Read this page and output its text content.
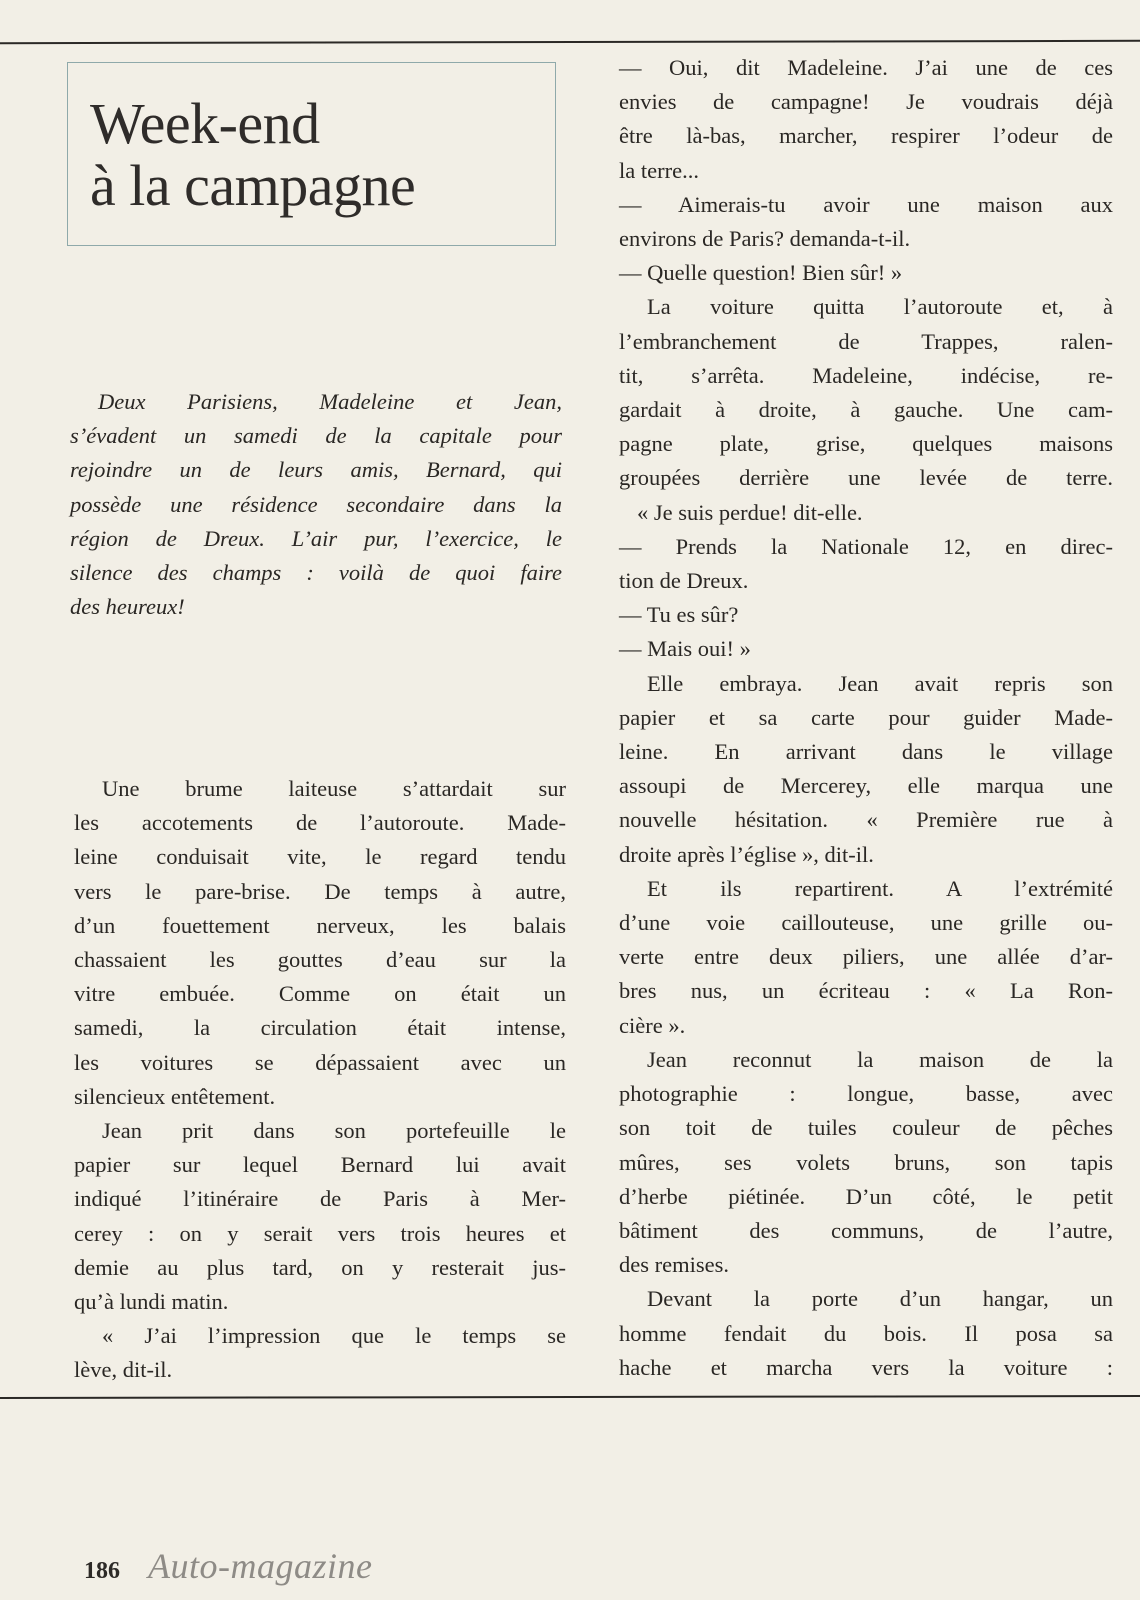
Week-end
à la campagne
Deux Parisiens, Madeleine et Jean,
s’évadent un samedi de la capitale pour
rejoindre un de leurs amis, Bernard, qui
possède une résidence secondaire dans la
région de Dreux. L’air pur, l’exercice, le
silence des champs : voilà de quoi faire
des heureux!
Une brume laiteuse s’attardait sur
les accotements de l’autoroute. Made-
leine conduisait vite, le regard tendu
vers le pare-brise. De temps à autre,
d’un fouettement nerveux, les balais
chassaient les gouttes d’eau sur la
vitre embuée. Comme on était un
samedi, la circulation était intense,
les voitures se dépassaient avec un
silencieux entêtement.
Jean prit dans son portefeuille le
papier sur lequel Bernard lui avait
indiqué l’itinéraire de Paris à Mer-
cerey : on y serait vers trois heures et
demie au plus tard, on y resterait jus-
qu’à lundi matin.
« J’ai l’impression que le temps se
lève, dit-il.
— Oui, dit Madeleine. J’ai une de ces
envies de campagne! Je voudrais déjà
être là-bas, marcher, respirer l’odeur de
la terre...
— Aimerais-tu avoir une maison aux
environs de Paris? demanda-t-il.
— Quelle question! Bien sûr! »
La voiture quitta l’autoroute et, à
l’embranchement de Trappes, ralen-
tit, s’arrêta. Madeleine, indécise, re-
gardait à droite, à gauche. Une cam-
pagne plate, grise, quelques maisons
groupées derrière une levée de terre.
« Je suis perdue! dit-elle.
— Prends la Nationale 12, en direc-
tion de Dreux.
— Tu es sûr?
— Mais oui! »
Elle embraya. Jean avait repris son
papier et sa carte pour guider Made-
leine. En arrivant dans le village
assoupi de Mercerey, elle marqua une
nouvelle hésitation. « Première rue à
droite après l’église », dit-il.
Et ils repartirent. A l’extrémité
d’une voie caillouteuse, une grille ou-
verte entre deux piliers, une allée d’ar-
bres nus, un écriteau : « La Ron-
cière ».
Jean reconnut la maison de la
photographie : longue, basse, avec
son toit de tuiles couleur de pêches
mûres, ses volets bruns, son tapis
d’herbe piétinée. D’un côté, le petit
bâtiment des communs, de l’autre,
des remises.
Devant la porte d’un hangar, un
homme fendait du bois. Il posa sa
hache et marcha vers la voiture :
186 Auto-magazine
